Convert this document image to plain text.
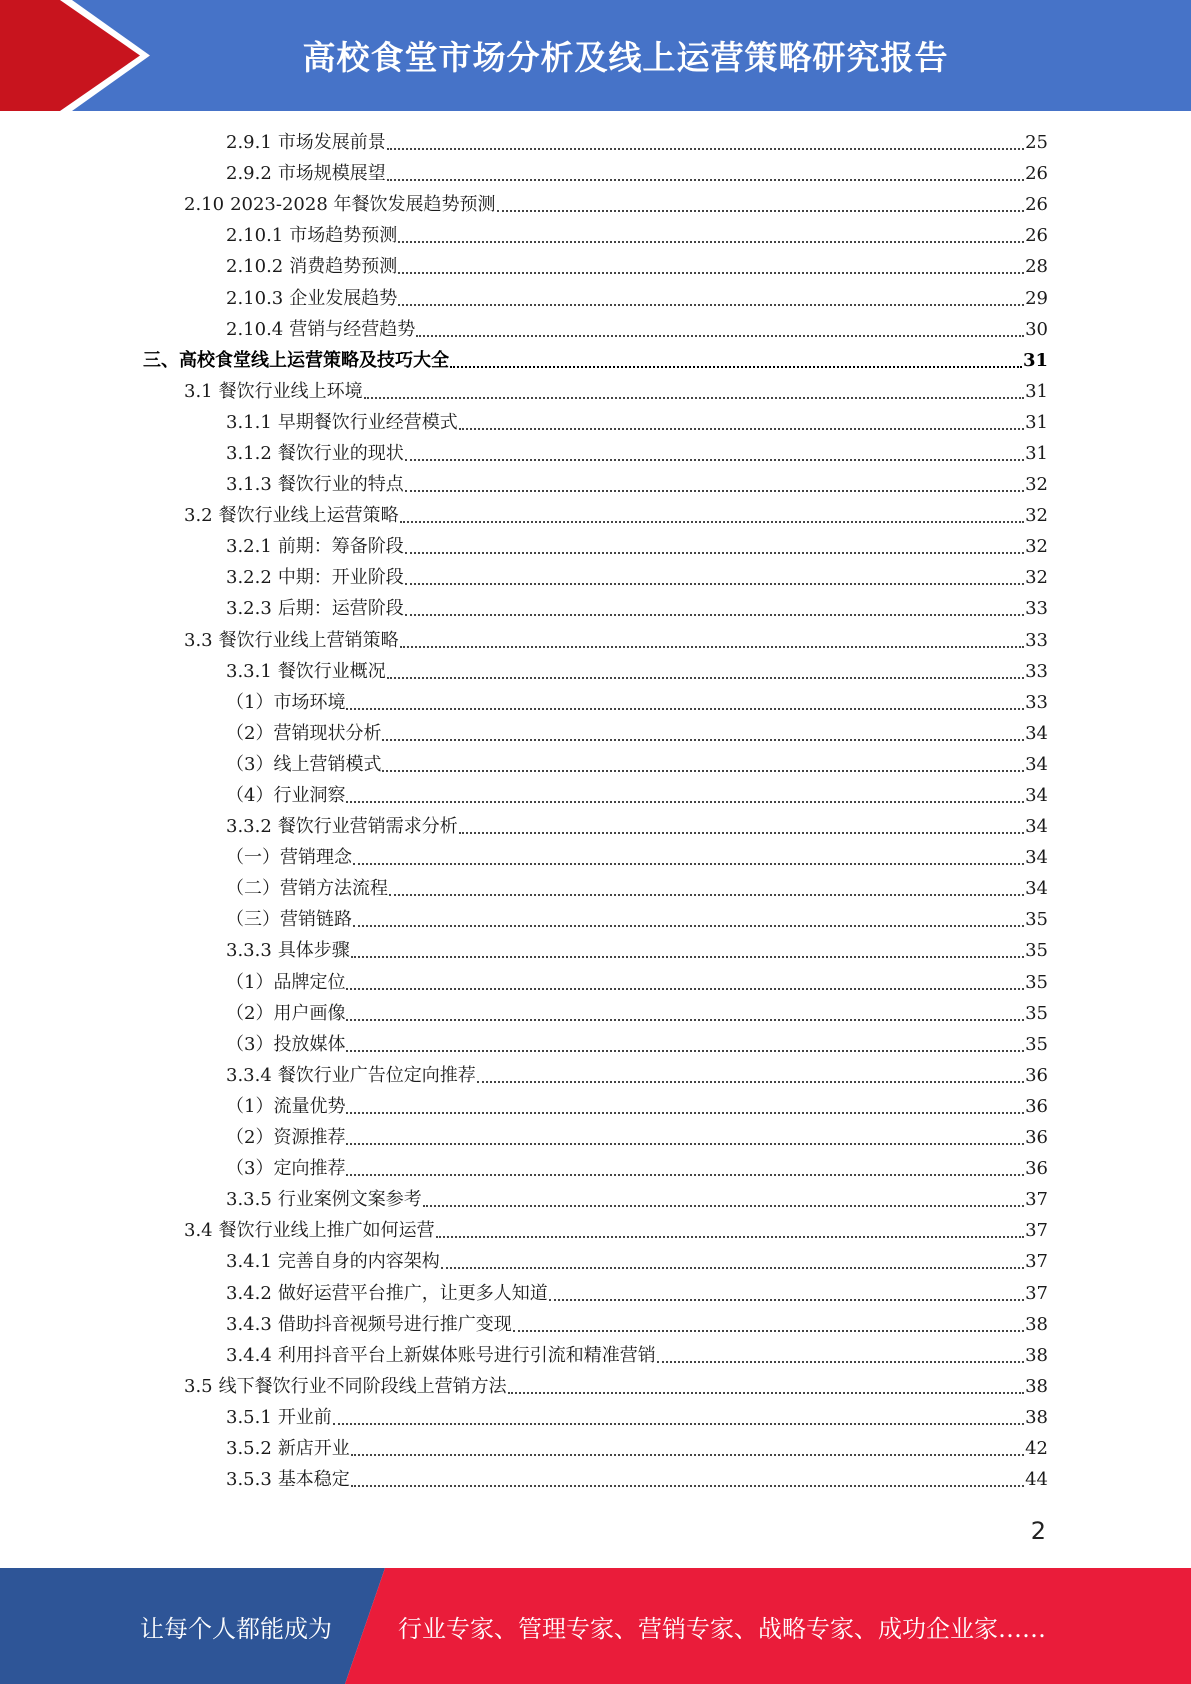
高校食堂市场分析及线上运营策略研究报告
2.9.1 市场发展前景	25
2.9.2 市场规模展望	26
2.10 2023-2028 年餐饮发展趋势预测	26
2.10.1 市场趋势预测	26
2.10.2 消费趋势预测	28
2.10.3 企业发展趋势	29
2.10.4 营销与经营趋势	30
三、高校食堂线上运营策略及技巧大全	31
3.1 餐饮行业线上环境	31
3.1.1 早期餐饮行业经营模式	31
3.1.2 餐饮行业的现状	31
3.1.3 餐饮行业的特点	32
3.2 餐饮行业线上运营策略	32
3.2.1 前期：筹备阶段	32
3.2.2 中期：开业阶段	32
3.2.3 后期：运营阶段	33
3.3 餐饮行业线上营销策略	33
3.3.1 餐饮行业概况	33
（1）市场环境	33
（2）营销现状分析	34
（3）线上营销模式	34
（4）行业洞察	34
3.3.2 餐饮行业营销需求分析	34
（一）营销理念	34
（二）营销方法流程	34
（三）营销链路	35
3.3.3 具体步骤	35
（1）品牌定位	35
（2）用户画像	35
（3）投放媒体	35
3.3.4 餐饮行业广告位定向推荐	36
（1）流量优势	36
（2）资源推荐	36
（3）定向推荐	36
3.3.5 行业案例文案参考	37
3.4 餐饮行业线上推广如何运营	37
3.4.1 完善自身的内容架构	37
3.4.2 做好运营平台推广，让更多人知道	37
3.4.3 借助抖音视频号进行推广变现	38
3.4.4 利用抖音平台上新媒体账号进行引流和精准营销	38
3.5 线下餐饮行业不同阶段线上营销方法	38
3.5.1 开业前	38
3.5.2 新店开业	42
3.5.3 基本稳定	44
2
让每个人都能成为	行业专家、管理专家、营销专家、战略专家、成功企业家……
